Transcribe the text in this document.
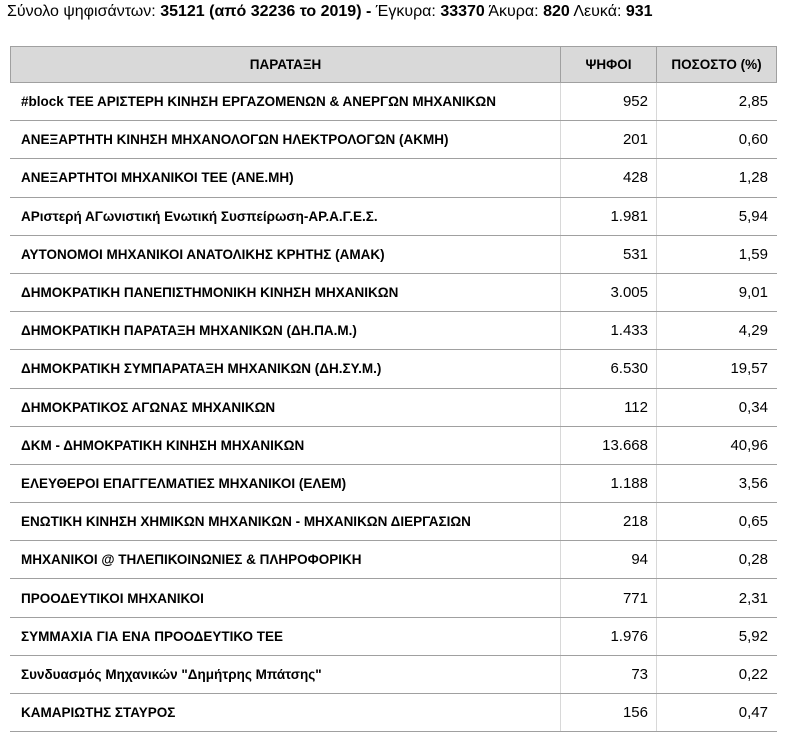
Σύνολο ψηφισάντων: 35121 (από 32236 το 2019) - Έγκυρα: 33370 Άκυρα: 820 Λευκά: 931
ΠΑΡΑΤΑΞΗ	ΨΗΦΟΙ	ΠΟΣΟΣΤΟ (%)
#block ΤΕΕ ΑΡΙΣΤΕΡΗ ΚΙΝΗΣΗ ΕΡΓΑΖΟΜΕΝΩΝ & ΑΝΕΡΓΩΝ ΜΗΧΑΝΙΚΩΝ	952	2,85
ΑΝΕΞΑΡΤΗΤΗ ΚΙΝΗΣΗ ΜΗΧΑΝΟΛΟΓΩΝ ΗΛΕΚΤΡΟΛΟΓΩΝ (ΑΚΜΗ)	201	0,60
ΑΝΕΞΑΡΤΗΤΟΙ ΜΗΧΑΝΙΚΟΙ ΤΕΕ (ΑΝΕ.ΜΗ)	428	1,28
ΑΡιστερή ΑΓωνιστική Ενωτική Συσπείρωση-ΑΡ.Α.Γ.Ε.Σ.	1.981	5,94
ΑΥΤΟΝΟΜΟΙ ΜΗΧΑΝΙΚΟΙ ΑΝΑΤΟΛΙΚΗΣ ΚΡΗΤΗΣ (ΑΜΑΚ)	531	1,59
ΔΗΜΟΚΡΑΤΙΚΗ ΠΑΝΕΠΙΣΤΗΜΟΝΙΚΗ ΚΙΝΗΣΗ ΜΗΧΑΝΙΚΩΝ	3.005	9,01
ΔΗΜΟΚΡΑΤΙΚΗ ΠΑΡΑΤΑΞΗ ΜΗΧΑΝΙΚΩΝ (ΔΗ.ΠΑ.Μ.)	1.433	4,29
ΔΗΜΟΚΡΑΤΙΚΗ ΣΥΜΠΑΡΑΤΑΞΗ ΜΗΧΑΝΙΚΩΝ (ΔΗ.ΣΥ.Μ.)	6.530	19,57
ΔΗΜΟΚΡΑΤΙΚΟΣ ΑΓΩΝΑΣ ΜΗΧΑΝΙΚΩΝ	112	0,34
ΔΚΜ - ΔΗΜΟΚΡΑΤΙΚΗ ΚΙΝΗΣΗ ΜΗΧΑΝΙΚΩΝ	13.668	40,96
ΕΛΕΥΘΕΡΟΙ ΕΠΑΓΓΕΛΜΑΤΙΕΣ ΜΗΧΑΝΙΚΟΙ (ΕΛΕΜ)	1.188	3,56
ΕΝΩΤΙΚΗ ΚΙΝΗΣΗ ΧΗΜΙΚΩΝ ΜΗΧΑΝΙΚΩΝ - ΜΗΧΑΝΙΚΩΝ ΔΙΕΡΓΑΣΙΩΝ	218	0,65
ΜΗΧΑΝΙΚΟΙ @ ΤΗΛΕΠΙΚΟΙΝΩΝΙΕΣ & ΠΛΗΡΟΦΟΡΙΚΗ	94	0,28
ΠΡΟΟΔΕΥΤΙΚΟΙ ΜΗΧΑΝΙΚΟΙ	771	2,31
ΣΥΜΜΑΧΙΑ ΓΙΑ ΕΝΑ ΠΡΟΟΔΕΥΤΙΚΟ ΤΕΕ	1.976	5,92
Συνδυασμός Μηχανικών "Δημήτρης Μπάτσης"	73	0,22
ΚΑΜΑΡΙΩΤΗΣ ΣΤΑΥΡΟΣ	156	0,47
